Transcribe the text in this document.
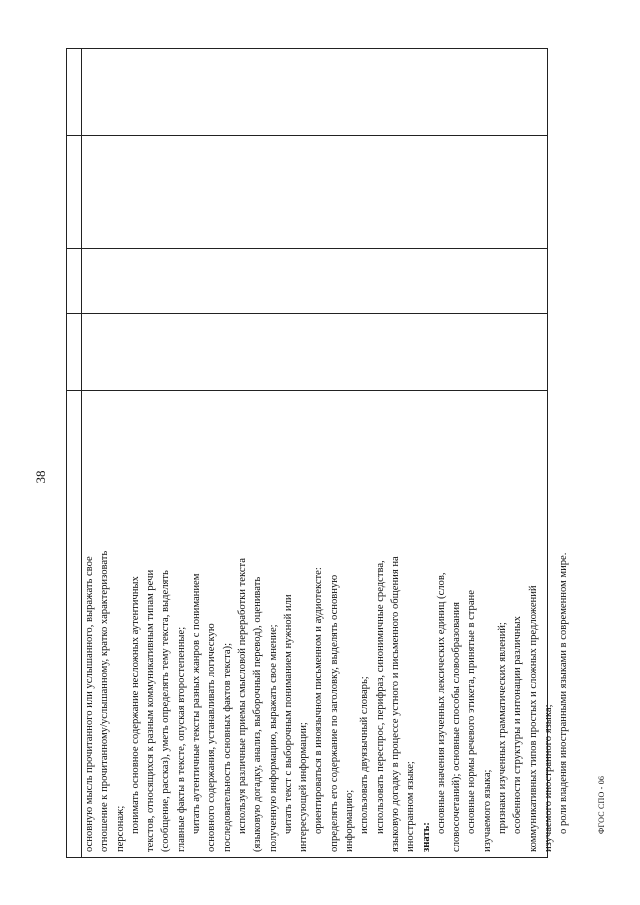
38
ФГОС СПО - 06

основную мысль прочитанного или услышанного, выражать свое отношение к прочитанному/услышанному, кратко характеризовать персонаж; понимать основное содержание несложных аутентичных текстов, относящихся к разным коммуникативным типам речи (сообщение, рассказ), уметь определять тему текста, выделять главные факты в тексте, опуская второстепенные; читать аутентичные тексты разных жанров с пониманием основного содержания, устанавливать логическую последовательность основных фактов текста); используя различные приемы смысловой переработки текста (языковую догадку, анализ, выборочный перевод), оценивать полученную информацию, выражать свое мнение; читать текст с выборочным пониманием нужной или интересующей информации; ориентироваться в иноязычном письменном и аудиотексте: определять его содержание по заголовку, выделять основную информацию; использовать двуязычный словарь; использовать переспрос, перифраз, синонимичные средства, языковую догадку в процессе устного и письменного общения на иностранном языке; знать:

основные значения изученных лексических единиц (слов, словосочетаний); основные способы словообразования основные нормы речевого этикета, принятые в стране изучаемого языка; признаки изученных грамматических явлений; особенности структуры и интонации различных коммуникативных типов простых и сложных предложений изучаемого иностранного языка; о роли владения иностранными языками в современном мире.
